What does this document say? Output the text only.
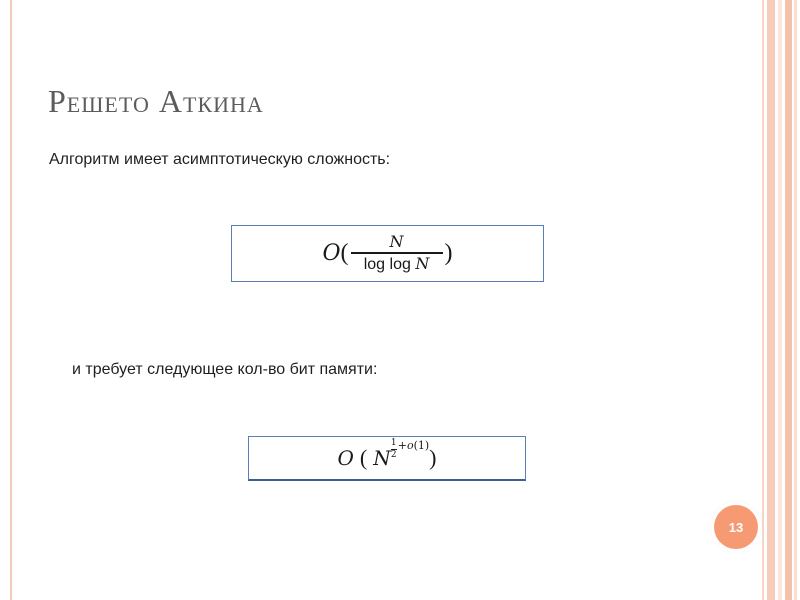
Решето Аткина
Алгоритм имеет асимптотическую сложность:
O ( $\frac{N}{\text{log log N}}$ )
и требует следующее кол-во бит памяти:
O ( N $\frac{1}{2} +o(1)$ )
13
